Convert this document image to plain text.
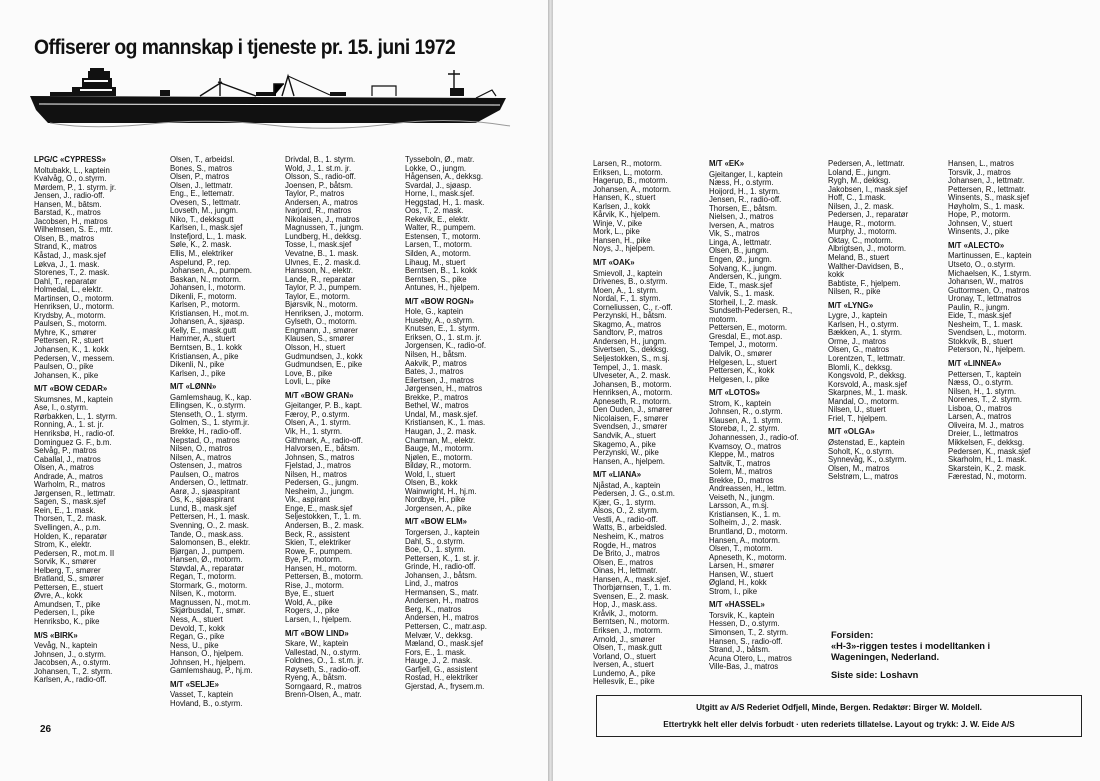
Offiserer og mannskap i tjeneste pr. 15. juni 1972
LPG/C «CYPRESS»
Moltubakk, L., kaptein
Kvalvåg, O., o.styrm.
Mørdem, P., 1. styrm. jr.
Jensen, J., radio-off.
Hansen, M., bâtsm.
Barstad, K., matros
Jacobsen, H., matros
Wilhelmsen, S. E., mtr.
Olsen, B., matros
Strand, K., matros
Kåstad, J., mask.sjef
Løkva, J., 1. mask.
Storenes, T., 2. mask.
Dahl, T., reparatør
Holmedal, L., elektr.
Martinsen, O., motorm.
Henriksen, U., motorm.
Krydsby, A., motorm.
Paulsen, S., motorm.
Myhre, K., smører
Pettersen, R., stuert
Johansen, K., 1. kokk
Pedersen, V., messem.
Paulsen, O., pike
Johansen, K., pike
M/T «BOW CEDAR»
Skumsnes, M., kaptein
Ase, I., o.styrm.
Rørbakken, L., 1. styrm.
Ronning, A., 1. st. jr.
Henriksbø, H., radio-of.
Dominguez G. F., b.m.
Selvåg, P., matros
Caballal, J., matros
Olsen, A., matros
Andrade, A., matros
Warholm, R., matros
Jørgensen, R., lettmatr.
Sagen, S., mask.sjef
Rein, E., 1. mask.
Thorsen, T., 2. mask.
Svellingen, A., p.m.
Holden, K., reparatør
Strom, K., elektr.
Pedersen, R., mot.m. II
Sorvik, K., smører
Helberg, T., smører
Bratland, S., smører
Pettersen, E., stuert
Øvre, A., kokk
Amundsen, T., pike
Pedersen, I., pike
Henriksbo, K., pike
M/S «BIRK»
Vevåg, N., kaptein
Johnsen, J., o.styrm.
Jacobsen, A., o.styrm.
Johansen, T., 2. styrm.
Karlsen, A., radio-off.
Olsen, T., arbeidsl.
Bones, S., matros
Olsen, P., matros
Olsen, J., lettmatr.
Eng., E., lettematr.
Ovesen, S., lettmatr.
Lovseth, M., jungm.
Niko, T., dekksgutt
Karlsen, I., mask.sjef
Instefjord, L., 1. mask.
Søle, K., 2. mask.
Ellis, M., elektriker
Aspelund, P., rep.
Johansen, A., pumpem.
Baskan, N., motorm.
Johansen, I., motorm.
Dikenli, F., motorm.
Karlsen, P., motorm.
Kristiansen, H., mot.m.
Johansen, A., sjøasp.
Kelly, E., mask.gutt
Hammer, A., stuert
Berntsen, B., 1. kokk
Kristiansen, A., pike
Dikenli, N., pike
Karlsen, J., pike
M/T «LØNN»
Gamlemshaug, K., kap.
Ellingsen, K., o.styrm.
Stenseth, O., 1. styrm.
Golmen, S., 1. styrm.jr.
Brekke, H., radio-off.
Nepstad, O., matros
Nilsen, O., matros
Nilsen, A., matros
Ostensen, J., matros
Paulsen, O., matros
Andersen, O., lettmatr.
Aarø, J., sjøaspirant
Os, K., sjøaspirant
Lund, B., mask.sjef
Pettersen, H., 1. mask.
Svenning, O., 2. mask.
Tande, O., mask.ass.
Salomonsen, B., elektr.
Bjørgan, J., pumpem.
Hansen, Ø., motorm.
Støvdal, A., reparatør
Regan, T., motorm.
Stormark, G., motorm.
Nilsen, K., motorm.
Magnussen, N., mot.m.
Skjørbusdal, T., smør.
Ness, A., stuert
Devold, T., kokk
Regan, G., pike
Ness, U., pike
Hanson, O., hjelpem.
Johnsen, H., hjelpem.
Gamlemshaug, P., hj.m.
M/T «SELJE»
Vasset, T., kaptein
Hovland, B., o.styrm.
Drivdal, B., 1. styrm.
Wold, J., 1. st.m. jr.
Olsson, S., radio-off.
Joensen, P., båtsm.
Taylor, P., matros
Andersen, A., matros
Ivarjord, R., matros
Nikolaisen, J., matros
Magnussen, T., jungm.
Lundberg, H., dekksg.
Tosse, I., mask.sjef
Vevatne, B., 1. mask.
Ulvnes, E., 2. mask.d.
Hansson, N., elektr.
Lande, R., reparatør
Taylor, P. J., pumpem.
Taylor, E., motorm.
Bjørsvik, N., motorm.
Henriksen, J., motorm.
Gylseth, O., motorm.
Engmann, J., smører
Klausen, S., smører
Olsson, H., stuert
Gudmundsen, J., kokk
Gudmundsen, E., pike
Love, B., pike
Lovli, L., pike
M/T «BOW GRAN»
Gjeitanger, P. B., kapt.
Færoy, P., o.styrm.
Olsen, A., 1. styrm.
Vik, H., 1. styrm.
Githmark, A., radio-off.
Halvorsen, E., båtsm.
Johnsen, S., matros
Fjelstad, J., matros
Nilsen, H., matros
Pedersen, G., jungm.
Nesheim, J., jungm.
Vik., aspirant
Enge, E., mask.sjef
Seljestokken, T., 1. m.
Andersen, B., 2. mask.
Beck, R., assistent
Skien, T., elektriker
Rowe, F., pumpem.
Bye, P., motorm.
Hansen, H., motorm.
Pettersen, B., motorm.
Rise, J., motorm.
Bye, E., stuert
Wold, A., pike
Rogers, J., pike
Larsen, I., hjelpem.
M/T «BOW LIND»
Skare, W., kaptein
Vallestad, N., o.styrm.
Foldnes, O., 1. st.m. jr.
Røyseth, S., radio-off.
Ryeng, A., båtsm.
Sorngaard, R., matros
Brenn-Olsen, A., matr.
Tysseboln, Ø., matr.
Lokke, O., jungm.
Hågensen, A., dekksg.
Svardal, J., sjøasp.
Horne, I., mask.sjef.
Heggstad, H., 1. mask.
Oos, T., 2. mask.
Rekevik, E., elektr.
Walter, R., pumpem.
Estensen, T., motorm.
Larsen, T., motorm.
Silden, A., motorm.
Lihaug, M., stuert
Berntsen, B., 1. kokk
Berntsen, S., pike
Antunes, H., hjelpem.
M/T «BOW ROGN»
Hole, G., kaptein
Huseby, A., o.styrm.
Knutsen, E., 1. styrm.
Eriksen, O., 1. st.m. jr.
Jorgensen, K., radio-of.
Nilsen, H., båtsm.
Aakvik, P., matros
Bates, J., matros
Eilertsen, J., matros
Jørgensen, H., matros
Brekke, P., matros
Bethel, W., matros
Undal, M., mask.sjef.
Kristiansen, K., 1. mas.
Haugan, J., 2. mask.
Charman, M., elektr.
Bauge, M., motorm.
Njølen, E., motorm.
Bildøy, R., motorm.
Wold, I., stuert
Olsen, B., kokk
Wainwright, H., hj.m.
Nordbye, H., pike
Jorgensen, A., pike
M/T «BOW ELM»
Torgersen, J., kaptein
Dahl, S., o.styrm.
Boe, O., 1. styrm.
Pettersen, K., 1. st. jr.
Grinde, H., radio-off.
Johansen, J., båtsm.
Lind, J., matros
Hermansen, S., matr.
Andersen, H., matros
Berg, K., matros
Andersen, H., matros
Pettersen, C., matr.asp.
Melvær, V., dekksg.
Mæland, O., mask.sjef
Fors, E., 1. mask.
Hauge, J., 2. mask.
Garfjell, G., assistent
Rostad, H., elektriker
Gjerstad, A., frysem.m.
26
Larsen, R., motorm.
Eriksen, L., motorm.
Hagerup, B., motorm.
Johansen, A., motorm.
Hansen, K., stuert
Karlsen, J., kokk
Kårvik, K., hjelpem.
Winje, V., pike
Mork, L., pike
Hansen, H., pike
Noys, J., hjelpem.
M/T «OAK»
Smievoll, J., kaptein
Drivenes, B., o.styrm.
Moen, A., 1. styrm.
Nordal, F., 1. styrm.
Corneliussen, C., r.-off.
Perzynski, H., båtsm.
Skagmo, A., matros
Sandtorv, P., matros
Andersen, H., jungm.
Sivertsen, S., dekksg.
Seljestokken, S., m.sj.
Tempel, J., 1. mask.
Ulveseter, A., 2. mask.
Johansen, B., motorm.
Henriksen, A., motorm.
Apneseth, R., motorm.
Den Ouden, J., smører
Nicolaisen, F., smører
Svendsen, J., smører
Sandvik, A., stuert
Skagemo, A., pike
Perzynski, W., pike
Hansen, A., hjelpem.
M/T «LIANA»
Njåstad, A., kaptein
Pedersen, J. G., o.st.m.
Kjær, G., 1. styrm.
Alsos, O., 2. styrm.
Vestli, A., radio-off.
Watts, B., arbeidsled.
Nesheim, K., matros
Rogde, H., matros
De Brito, J., matros
Olsen, E., matros
Oinas, H., lettmatr.
Hansen, A., mask.sjef.
Thorbjørnsen, T., 1. m.
Svensen, E., 2. mask.
Hop, J., mask.ass.
Kråvik, J., motorm.
Berntsen, N., motorm.
Eriksen, J., motorm.
Arnold, J., smører
Olsen, T., mask.gutt
Vorland, O., stuert
Iversen, A., stuert
Lundemo, A., pike
Hellesvik, E., pike
M/T «EK»
Gjeitanger, I., kaptein
Næss, H., o.styrm.
Hoijord, H., 1. styrm.
Jensen, R., radio-off.
Thorsen, E., båtsm.
Nielsen, J., matros
Iversen, A., matros
Vik, S., matros
Linga, A., lettmatr.
Olsen, B., jungm.
Engen, Ø., jungm.
Solvang, K., jungm.
Andersen, K., jungm.
Eide, T., mask.sjef
Valvik, S., 1. mask.
Storheil, I., 2. mask.
Sundseth-Pedersen, R.,
motorm.
Pettersen, E., motorm.
Gresdal, E., mot.asp.
Tempel, J., motorm.
Dalvik, O., smører
Helgesen, L., stuert
Pettersen, K., kokk
Helgesen, I., pike
M/T «LOTOS»
Strom, K., kaptein
Johnsen, R., o.styrm.
Klausen, A., 1. styrm.
Storebø, I., 2. styrm.
Johannessen, J., radio-of.
Kvamsoy, O., matros
Kleppe, M., matros
Saltvik, T., matros
Solem, M., matros
Brekke, D., matros
Andreassen, H., lettm.
Veiseth, N., jungm.
Larsson, A., m.sj.
Kristiansen, K., 1. m.
Solheim, J., 2. mask.
Bruntland, D., motorm.
Hansen, A., motorm.
Olsen, T., motorm.
Apneseth, K., motorm.
Larsen, H., smører
Hansen, W., stuert
Øgland, H., kokk
Strom, I., pike
M/T «HASSEL»
Torsvik, K., kaptein
Hessen, D., o.styrm.
Simonsen, T., 2. styrm.
Hansen, S., radio-off.
Strand, J., båtsm.
Acuna Otero, L., matros
Ville-Bas, J., matros
Pedersen, A., lettmatr.
Loland, E., jungm.
Rygh, M., dekksg.
Jakobsen, I., mask.sjef
Hoff, C., 1.mask.
Nilsen, J., 2. mask.
Pedersen, J., reparatør
Hauge, R., motorm.
Murphy, J., motorm.
Oktay, C., motorm.
Albrigtsen, J., motorm.
Meland, B., stuert
Walther-Davidsen, B.,
kokk
Babtiste, F., hjelpem.
Nilsen, R., pike
M/T «LYNG»
Lygre, J., kaptein
Karlsen, H., o.styrm.
Bækken, A., 1. styrm.
Orme, J., matros
Olsen, G., matros
Lorentzen, T., lettmatr.
Blomli, K., dekksg.
Kongsvold, P., dekksg.
Korsvold, A., mask.sjef
Skarpnes, M., 1. mask.
Mandal, O., motorm.
Nilsen, U., stuert
Friel, T., hjelpem.
M/T «OLGA»
Østenstad, E., kaptein
Soholt, K., o.styrm.
Synnevåg, K., o.styrm.
Olsen, M., matros
Selstrøm, L., matros
Hansen, L., matros
Torsvik, J., matros
Johansen, J., lettmatr.
Pettersen, R., lettmatr.
Winsents, S., mask.sjef
Høyholm, S., 1. mask.
Hope, P., motorm.
Johnsen, V., stuert
Winsents, J., pike
M/T «ALECTO»
Martinussen, E., kaptein
Utseto, O., o.styrm.
Michaelsen, K., 1.styrm.
Johansen, W., matros
Guttormsen, O., matros
Uronay, T., lettmatros
Paulin, R., jungm.
Eide, T., mask.sjef
Nesheim, T., 1. mask.
Svendsen, L., motorm.
Stokkvik, B., stuert
Peterson, N., hjelpem.
M/T «LINNEA»
Pettersen, T., kaptein
Næss, O., o.styrm.
Nilsen, H., 1. styrm.
Norenes, T., 2. styrm.
Lisboa, O., matros
Larsen, A., matros
Oliveira, M. J., matros
Dreier, L., lettmatros
Mikkelsen, F., dekksg.
Pedersen, K., mask.sjef
Skarholm, H., 1. mask.
Skarstein, K., 2. mask.
Færestad, N., motorm.
Forsiden:
«H-3»-riggen testes i modelltanken i
Wageningen, Nederland.
Siste side: Loshavn
Utgitt av A/S Rederiet Odfjell, Minde, Bergen. Redaktør: Birger W. Moldell.
Ettertrykk helt eller delvis forbudt · uten rederiets tillatelse. Layout og trykk: J. W. Eide A/S
